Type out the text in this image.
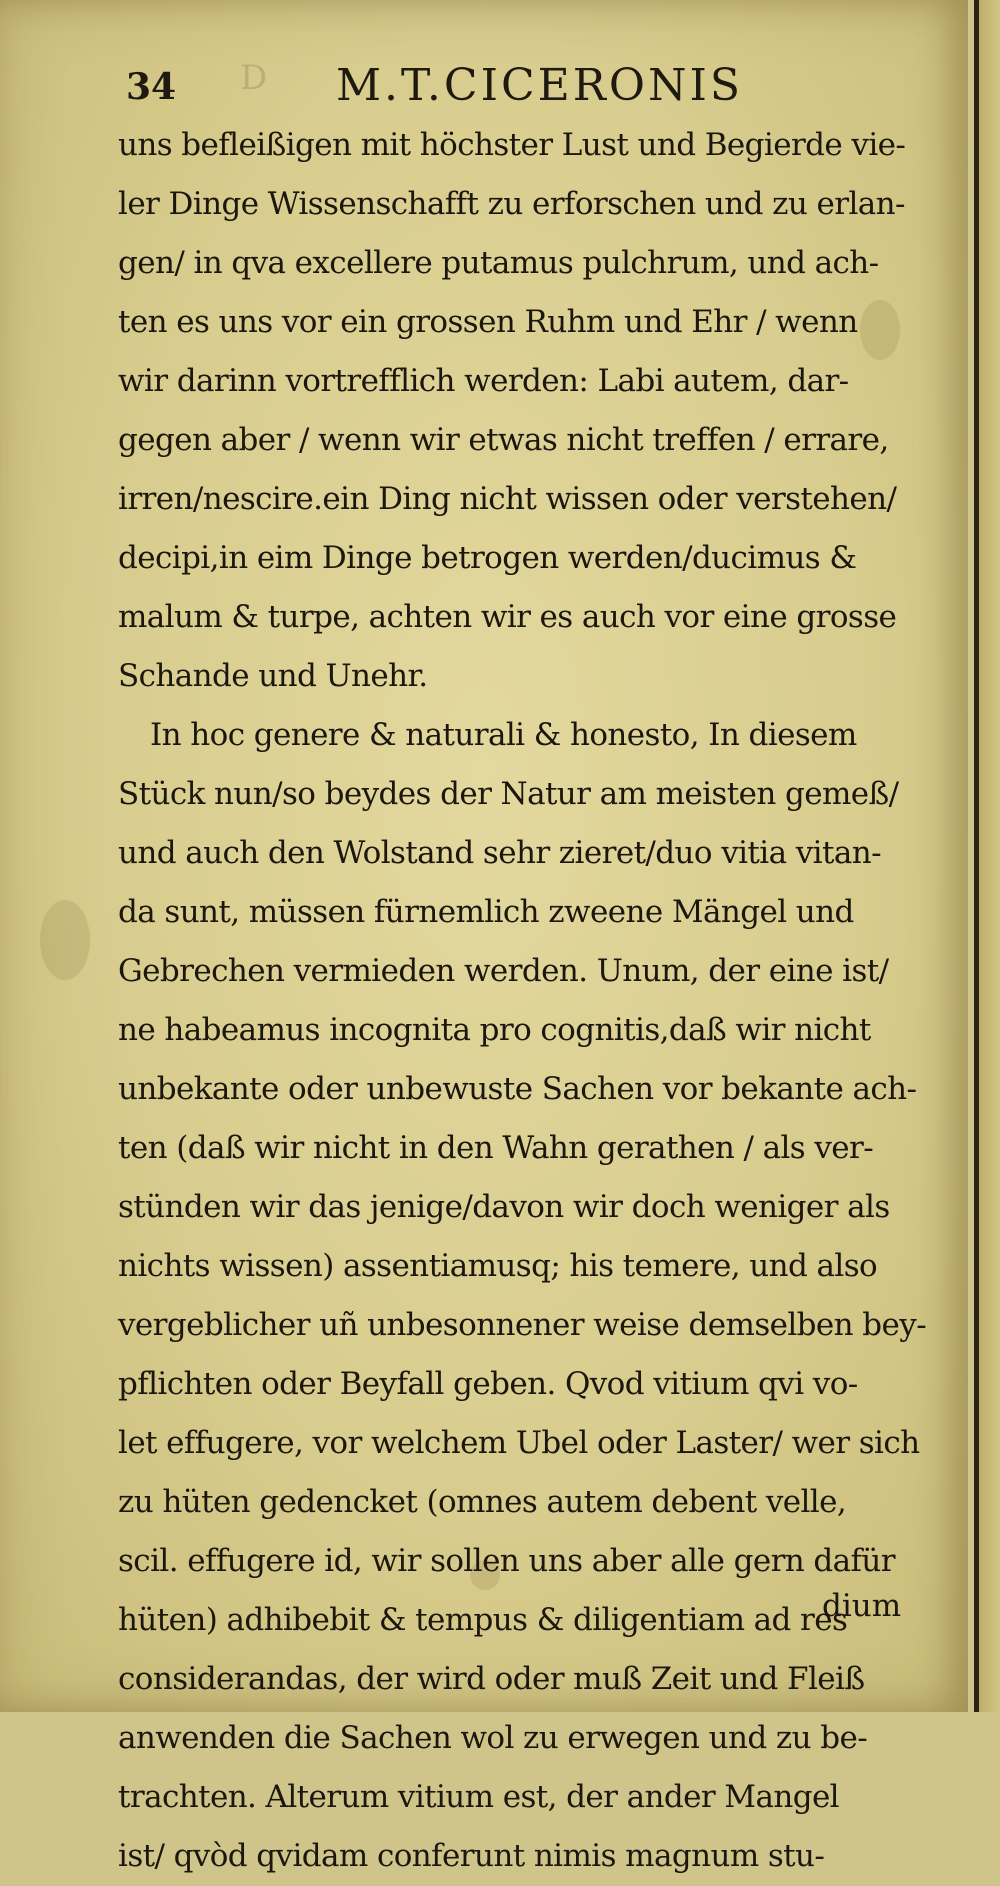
D
34	M.T.CICERONIS
uns befleißigen mit höchster Lust und Begierde vie-
ler Dinge Wissenschafft zu erforschen und zu erlan-
gen/ in qva excellere putamus pulchrum, und ach-
ten es uns vor ein grossen Ruhm und Ehr / wenn
wir darinn vortrefflich werden: Labi autem, dar-
gegen aber / wenn wir etwas nicht treffen / errare,
irren/nescire.ein Ding nicht wissen oder verstehen/
decipi,in eim Dinge betrogen werden/ducimus &
malum & turpe, achten wir es auch vor eine grosse
Schande und Unehr.
In hoc genere & naturali & honesto, In diesem
Stück nun/so beydes der Natur am meisten gemeß/
und auch den Wolstand sehr zieret/duo vitia vitan-
da sunt, müssen fürnemlich zweene Mängel und
Gebrechen vermieden werden. Unum, der eine ist/
ne habeamus incognita pro cognitis,daß wir nicht
unbekante oder unbewuste Sachen vor bekante ach-
ten (daß wir nicht in den Wahn gerathen / als ver-
stünden wir das jenige/davon wir doch weniger als
nichts wissen) assentiamusq; his temere, und also
vergeblicher uñ unbesonnener weise demselben bey-
pflichten oder Beyfall geben. Qvod vitium qvi vo-
let effugere, vor welchem Ubel oder Laster/ wer sich
zu hüten gedencket (omnes autem debent velle,
scil. effugere id, wir sollen uns aber alle gern dafür
hüten) adhibebit & tempus & diligentiam ad res
considerandas, der wird oder muß Zeit und Fleiß
anwenden die Sachen wol zu erwegen und zu be-
trachten. Alterum vitium est, der ander Mangel
ist/ qvòd qvidam conferunt nimis magnum stu-
dium
